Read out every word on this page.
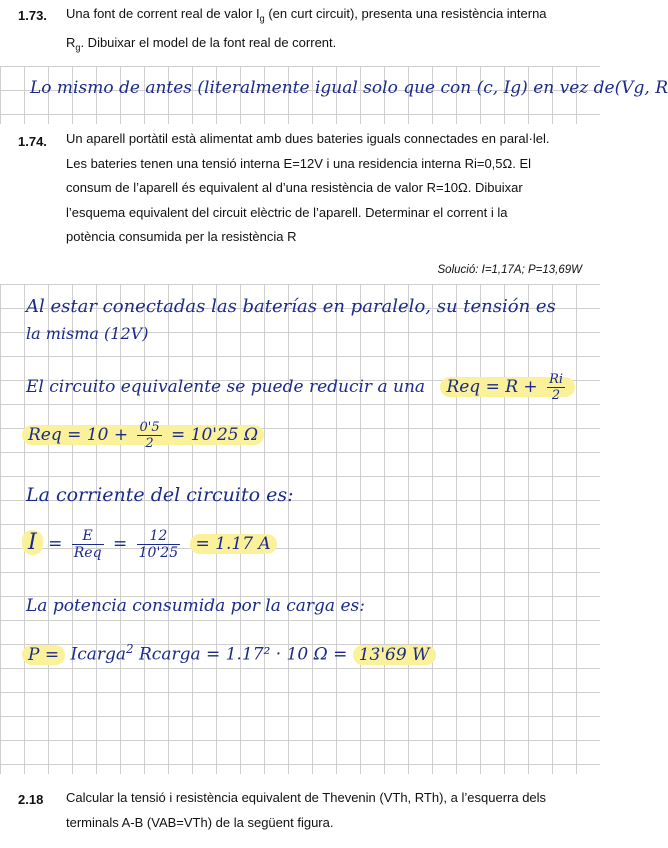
1.73. Una font de corrent real de valor $I_g$ (en curt circuit), presenta una resistència interna
$R_g$. Dibuixar el model de la font real de corrent.
Lo mismo de antes (literalmente igual solo que con (c, Ig) en vez de(Vg, R
1.74. Un aparell portàtil està alimentat amb dues bateries iguals connectades en paral·lel.
Les bateries tenen una tensió interna E=12V i una residencia interna Ri=0,5Ω. El
consum de l’aparell és equivalent al d’una resistència de valor R=10Ω. Dibuixar
l’esquema equivalent del circuit elèctric de l’aparell. Determinar el corrent i la
potència consumida per la resistència R
Solució: I=1,17A; P=13,69W
Al estar conectadas las baterías en paralelo, su tensión es
la misma (12V)
El circuito equivalente se puede reducir a una Req = $R + \frac{Ri}{2}$
Req = $10 + \frac{0'5}{2} = 10'25$ Ω
La corriente del circuito es:
$I = \frac{E}{\text{Req}} = \frac{12}{10'25} = 1.17$ A
La potencia consumida por la carga es:
P = Icarga$^2$ Rcarga = 1.17² · 10 Ω = 13'69 W
2.18 Calcular la tensió i resistència equivalent de Thevenin (VTh, RTh), a l’esquerra dels
terminals A-B (VAB=VTh) de la següent figura.
